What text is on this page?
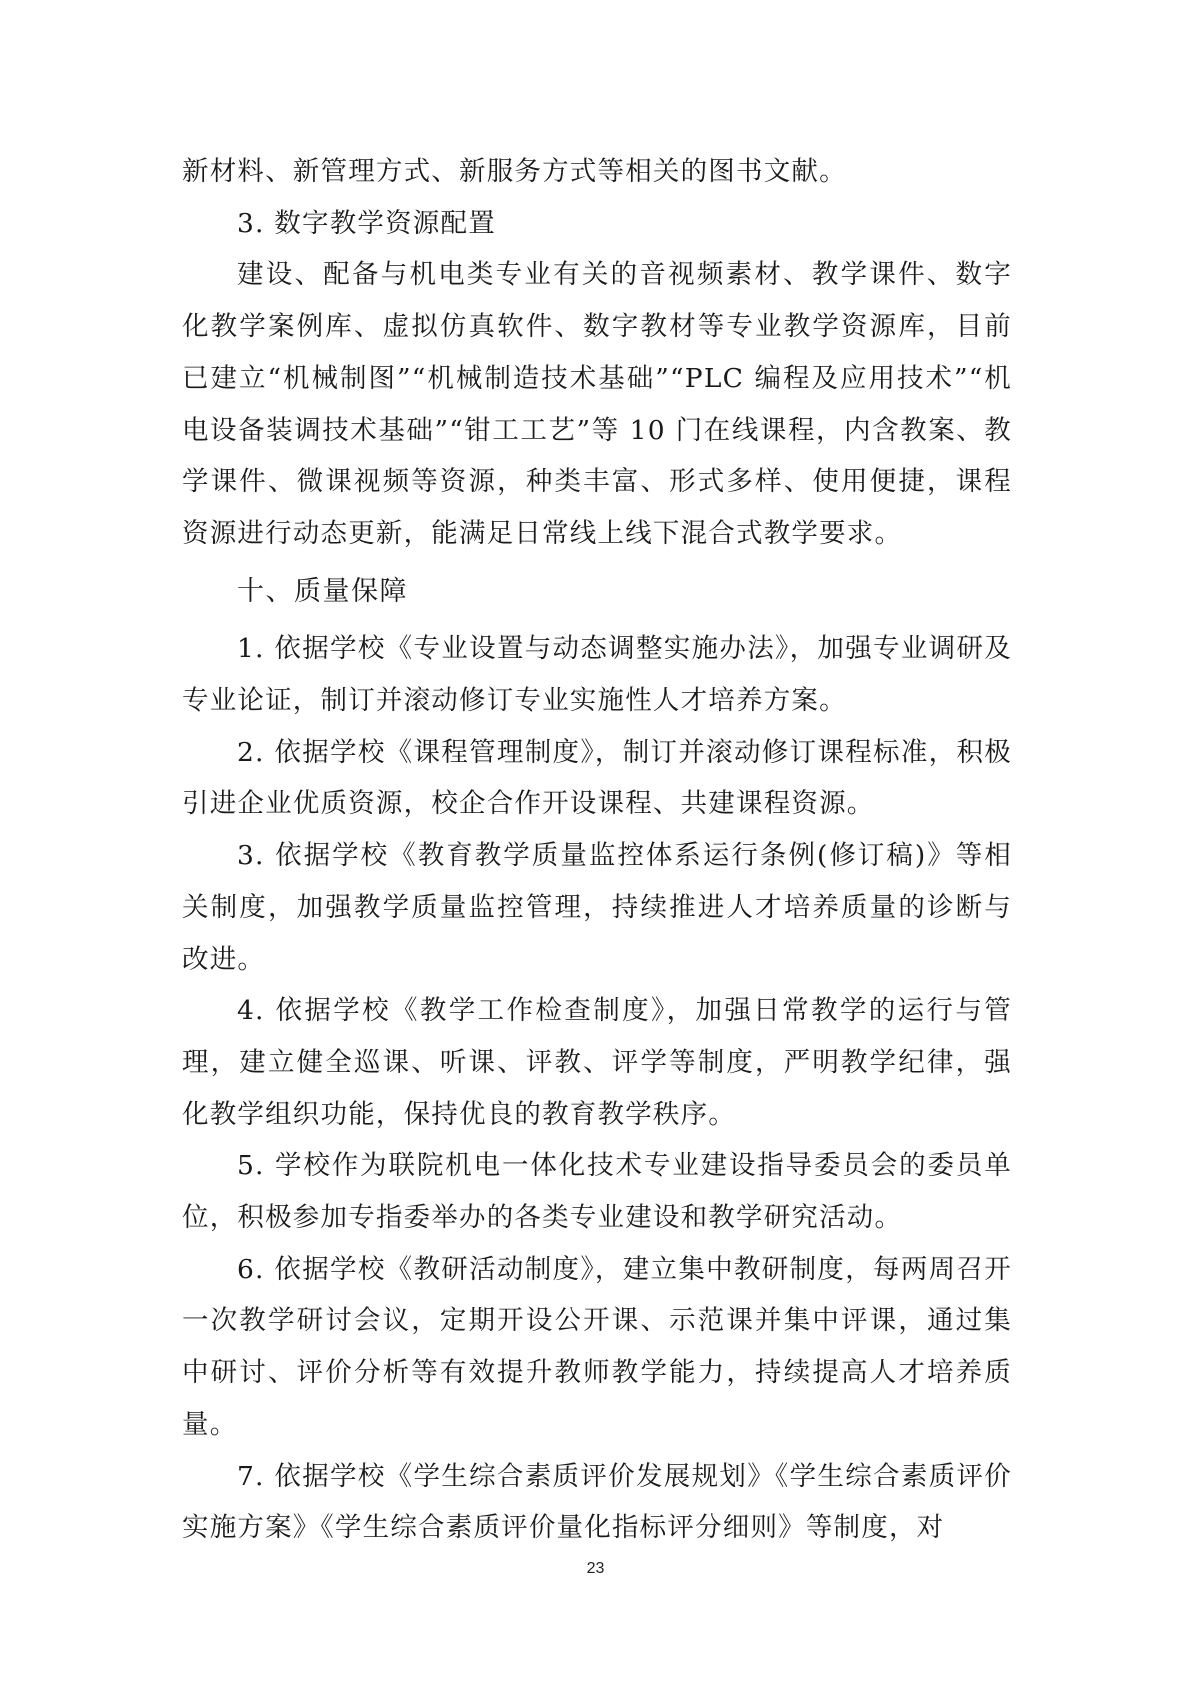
新材料、新管理方式、新服务方式等相关的图书文献。

3. 数字教学资源配置

建设、配备与机电类专业有关的音视频素材、教学课件、数字化教学案例库、虚拟仿真软件、数字教材等专业教学资源库，目前已建立“机械制图”“机械制造技术基础”“PLC 编程及应用技术”“机电设备装调技术基础”“钳工工艺”等 10 门在线课程，内含教案、教学课件、微课视频等资源，种类丰富、形式多样、使用便捷，课程资源进行动态更新，能满足日常线上线下混合式教学要求。

十、质量保障

1. 依据学校《专业设置与动态调整实施办法》，加强专业调研及专业论证，制订并滚动修订专业实施性人才培养方案。

2. 依据学校《课程管理制度》，制订并滚动修订课程标准，积极引进企业优质资源，校企合作开设课程、共建课程资源。

3. 依据学校《教育教学质量监控体系运行条例(修订稿)》等相关制度，加强教学质量监控管理，持续推进人才培养质量的诊断与改进。

4. 依据学校《教学工作检查制度》，加强日常教学的运行与管理，建立健全巡课、听课、评教、评学等制度，严明教学纪律，强化教学组织功能，保持优良的教育教学秩序。

5. 学校作为联院机电一体化技术专业建设指导委员会的委员单位，积极参加专指委举办的各类专业建设和教学研究活动。

6. 依据学校《教研活动制度》，建立集中教研制度，每两周召开一次教学研讨会议，定期开设公开课、示范课并集中评课，通过集中研讨、评价分析等有效提升教师教学能力，持续提高人才培养质量。

7. 依据学校《学生综合素质评价发展规划》《学生综合素质评价实施方案》《学生综合素质评价量化指标评分细则》等制度，对

23
